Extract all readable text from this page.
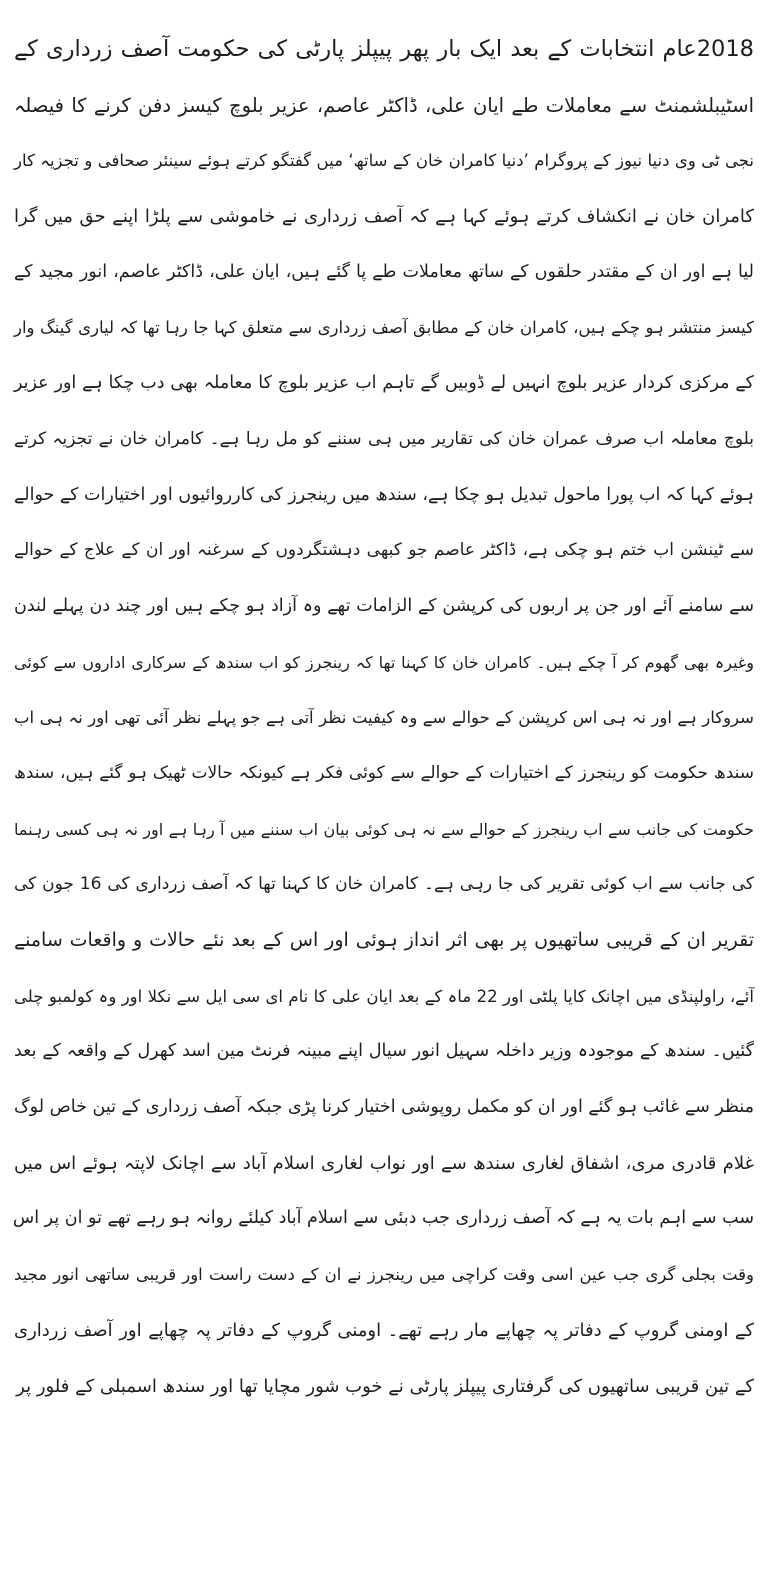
2018عام انتخابات کے بعد ایک بار پھر پیپلز پارٹی کی حکومت آصف زرداری کے
اسٹیبلشمنٹ سے معاملات طے ایان علی، ڈاکٹر عاصم، عزیر بلوچ کیسز دفن کرنے کا فیصلہ
نجی ٹی وی دنیا نیوز کے پروگرام ’دنیا کامران خان کے ساتھ‘ میں گفتگو کرتے ہوئے سینئر صحافی و تجزیہ کار
کامران خان نے انکشاف کرتے ہوئے کہا ہے کہ آصف زرداری نے خاموشی سے پلڑا اپنے حق میں گرا
لیا ہے اور ان کے مقتدر حلقوں کے ساتھ معاملات طے پا گئے ہیں، ایان علی، ڈاکٹر عاصم، انور مجید کے
کیسز منتشر ہو چکے ہیں، کامران خان کے مطابق آصف زرداری سے متعلق کہا جا رہا تھا کہ لیاری گینگ وار
کے مرکزی کردار عزیر بلوچ انہیں لے ڈوبیں گے تاہم اب عزیر بلوچ کا معاملہ بھی دب چکا ہے اور عزیر
بلوچ معاملہ اب صرف عمران خان کی تقاریر میں ہی سننے کو مل رہا ہے۔ کامران خان نے تجزیہ کرتے
ہوئے کہا کہ اب پورا ماحول تبدیل ہو چکا ہے، سندھ میں رینجرز کی کارروائیوں اور اختیارات کے حوالے
سے ٹینشن اب ختم ہو چکی ہے، ڈاکٹر عاصم جو کبھی دہشتگردوں کے سرغنہ اور ان کے علاج کے حوالے
سے سامنے آئے اور جن پر اربوں کی کرپشن کے الزامات تھے وہ آزاد ہو چکے ہیں اور چند دن پہلے لندن
وغیرہ بھی گھوم کر آ چکے ہیں۔ کامران خان کا کہنا تھا کہ رینجرز کو اب سندھ کے سرکاری اداروں سے کوئی
سروکار ہے اور نہ ہی اس کرپشن کے حوالے سے وہ کیفیت نظر آتی ہے جو پہلے نظر آئی تھی اور نہ ہی اب
سندھ حکومت کو رینجرز کے اختیارات کے حوالے سے کوئی فکر ہے کیونکہ حالات ٹھیک ہو گئے ہیں، سندھ
حکومت کی جانب سے اب رینجرز کے حوالے سے نہ ہی کوئی بیان اب سننے میں آ رہا ہے اور نہ ہی کسی رہنما
کی جانب سے اب کوئی تقریر کی جا رہی ہے۔ کامران خان کا کہنا تھا کہ آصف زرداری کی 16 جون کی
تقریر ان کے قریبی ساتھیوں پر بھی اثر انداز ہوئی اور اس کے بعد نئے حالات و واقعات سامنے
آئے، راولپنڈی میں اچانک کایا پلٹی اور 22 ماہ کے بعد ایان علی کا نام ای سی ایل سے نکلا اور وہ کولمبو چلی
گئیں۔ سندھ کے موجودہ وزیر داخلہ سہیل انور سیال اپنے مبینہ فرنٹ مین اسد کھرل کے واقعہ کے بعد
منظر سے غائب ہو گئے اور ان کو مکمل روپوشی اختیار کرنا پڑی جبکہ آصف زرداری کے تین خاص لوگ
غلام قادری مری، اشفاق لغاری سندھ سے اور نواب لغاری اسلام آباد سے اچانک لاپتہ ہوئے اس میں
سب سے اہم بات یہ ہے کہ آصف زرداری جب دبئی سے اسلام آباد کیلئے روانہ ہو رہے تھے تو ان پر اس
وقت بجلی گری جب عین اسی وقت کراچی میں رینجرز نے ان کے دست راست اور قریبی ساتھی انور مجید
کے اومنی گروپ کے دفاتر پہ چھاپے مار رہے تھے۔ اومنی گروپ کے دفاتر پہ چھاپے اور آصف زرداری
کے تین قریبی ساتھیوں کی گرفتاری پیپلز پارٹی نے خوب شور مچایا تھا اور سندھ اسمبلی کے فلور پر
